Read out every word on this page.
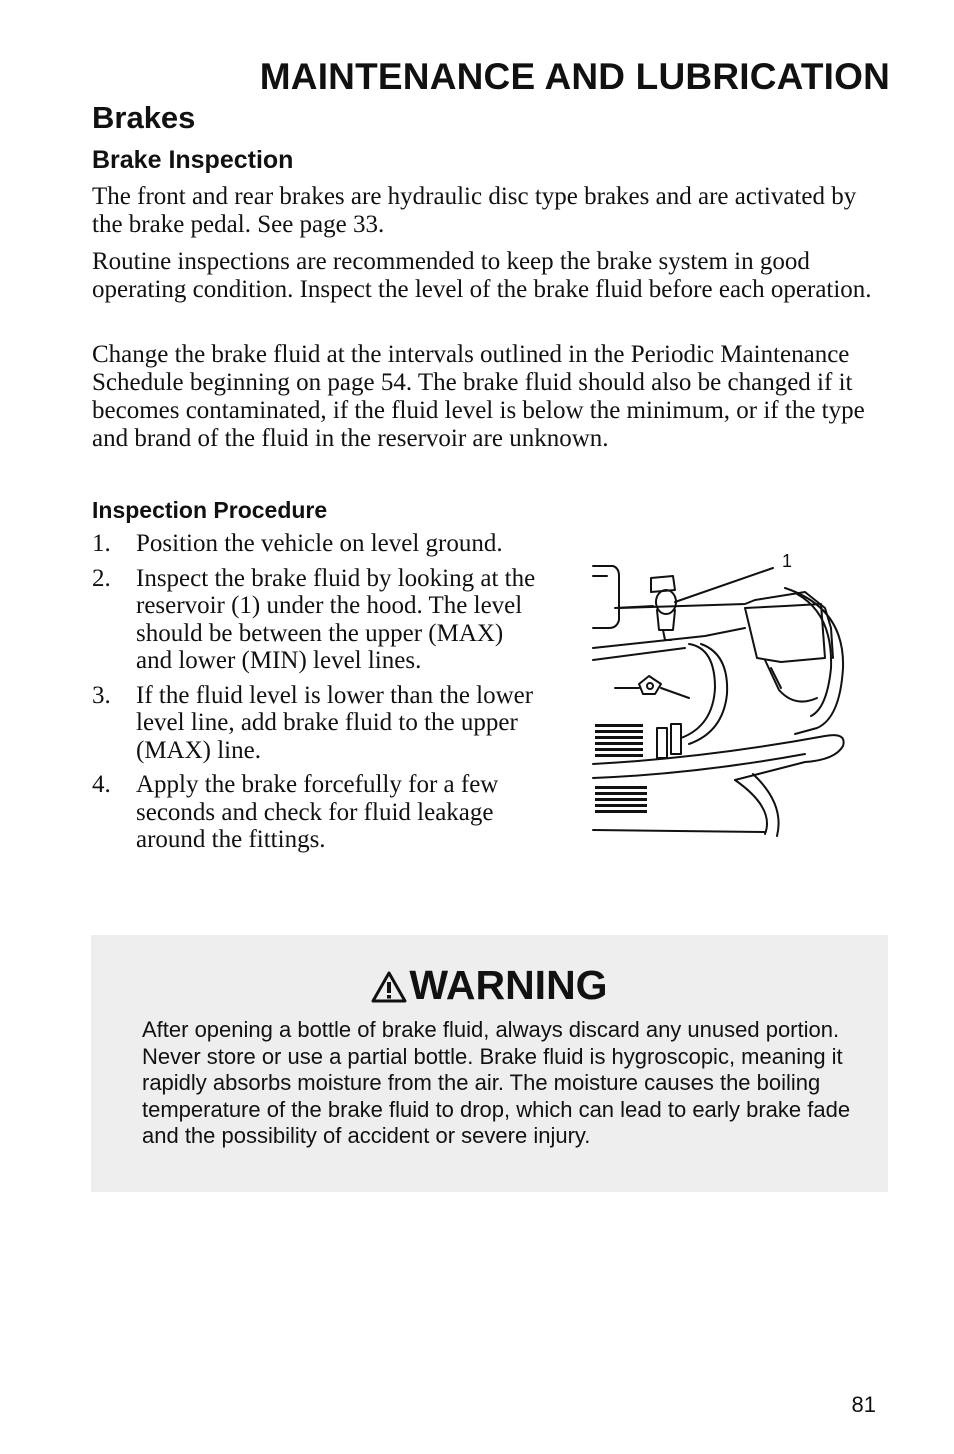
MAINTENANCE AND LUBRICATION
Brakes
Brake Inspection

The front and rear brakes are hydraulic disc type brakes and are activated by the brake pedal. See page 33.

Routine inspections are recommended to keep the brake system in good operating condition. Inspect the level of the brake fluid before each operation.

Change the brake fluid at the intervals outlined in the Periodic Maintenance Schedule beginning on page 54. The brake fluid should also be changed if it becomes contaminated, if the fluid level is below the minimum, or if the type and brand of the fluid in the reservoir are unknown.

Inspection Procedure
1. Position the vehicle on level ground.
2. Inspect the brake fluid by looking at the reservoir (1) under the hood. The level should be between the upper (MAX) and lower (MIN) level lines.
3. If the fluid level is lower than the lower level line, add brake fluid to the upper (MAX) line.
4. Apply the brake forcefully for a few seconds and check for fluid leakage around the fittings.
1
WARNING

After opening a bottle of brake fluid, always discard any unused portion. Never store or use a partial bottle. Brake fluid is hygroscopic, meaning it rapidly absorbs moisture from the air. The moisture causes the boiling temperature of the brake fluid to drop, which can lead to early brake fade and the possibility of accident or severe injury.

81
